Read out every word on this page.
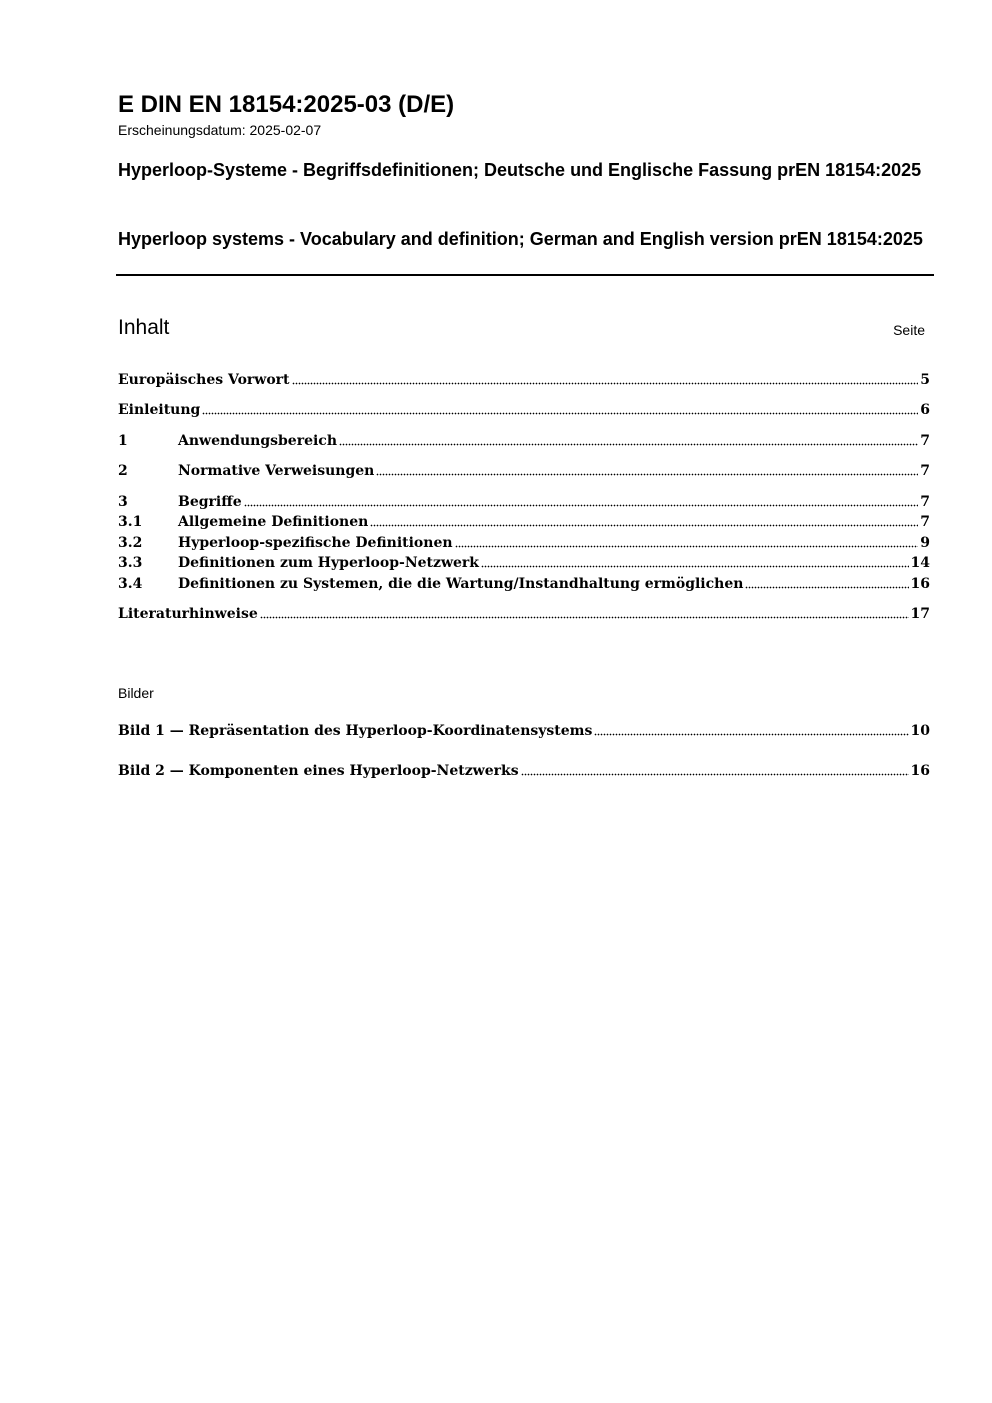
E DIN EN 18154:2025-03 (D/E)
Erscheinungsdatum: 2025-02-07
Hyperloop-Systeme - Begriffsdefinitionen; Deutsche und Englische Fassung prEN 18154:2025
Hyperloop systems - Vocabulary and definition; German and English version prEN 18154:2025
Inhalt	Seite
Europäisches Vorwort	5
Einleitung	6
1	Anwendungsbereich	7
2	Normative Verweisungen	7
3	Begriffe	7
3.1	Allgemeine Definitionen	7
3.2	Hyperloop-spezifische Definitionen	9
3.3	Definitionen zum Hyperloop-Netzwerk	14
3.4	Definitionen zu Systemen, die die Wartung/Instandhaltung ermöglichen	16
Literaturhinweise	17
Bilder
Bild 1 — Repräsentation des Hyperloop-Koordinatensystems	10
Bild 2 — Komponenten eines Hyperloop-Netzwerks	16
